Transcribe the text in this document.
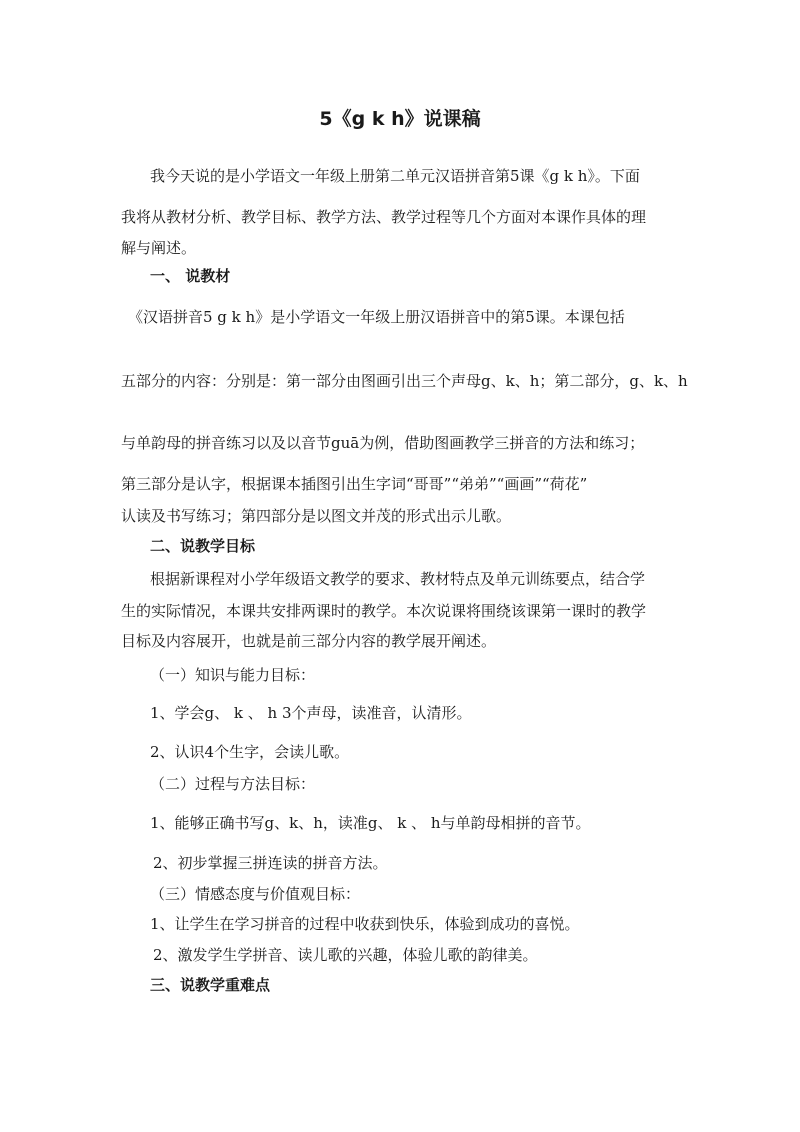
5《g k h》说课稿
我今天说的是小学语文一年级上册第二单元汉语拼音第5课《g k h》。下面
我将从教材分析、教学目标、教学方法、教学过程等几个方面对本课作具体的理
解与阐述。
一、 说教材
《汉语拼音5 g k h》是小学语文一年级上册汉语拼音中的第5课。本课包括
五部分的内容：分别是：第一部分由图画引出三个声母g、k、h；第二部分，g、k、h
与单韵母的拼音练习以及以音节guā为例，借助图画教学三拼音的方法和练习；
第三部分是认字，根据课本插图引出生字词“哥哥”“弟弟”“画画”“荷花”
认读及书写练习；第四部分是以图文并茂的形式出示儿歌。
二、说教学目标
根据新课程对小学年级语文教学的要求、教材特点及单元训练要点，结合学
生的实际情况，本课共安排两课时的教学。本次说课将围绕该课第一课时的教学
目标及内容展开，也就是前三部分内容的教学展开阐述。
（一）知识与能力目标：
1、学会g、 k 、 h 3个声母，读准音，认清形。
2、认识4个生字，会读儿歌。
（二）过程与方法目标：
1、能够正确书写g、k、h，读准g、 k 、 h与单韵母相拼的音节。
2、初步掌握三拼连读的拼音方法。
（三）情感态度与价值观目标：
1、让学生在学习拼音的过程中收获到快乐，体验到成功的喜悦。
2、激发学生学拼音、读儿歌的兴趣，体验儿歌的韵律美。
三、说教学重难点
